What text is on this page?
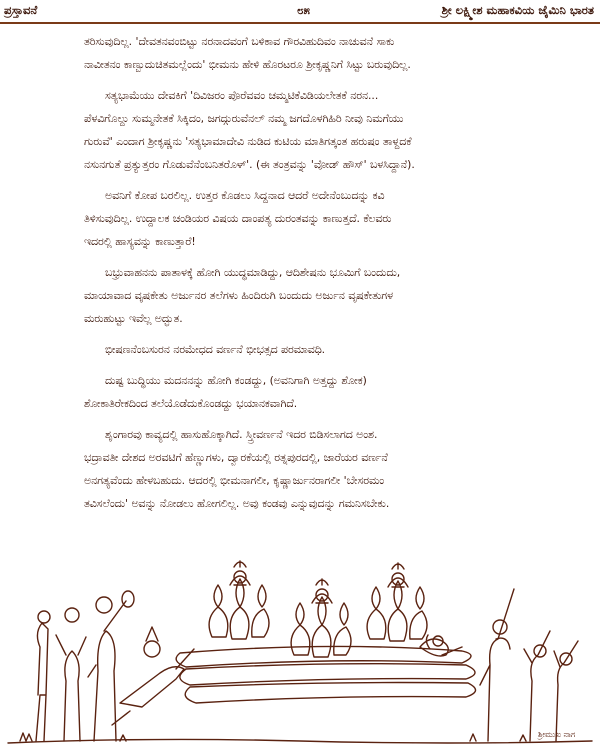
ಪ್ರಸ್ತಾವನೆ	೮೫	ಶ್ರೀ ಲಕ್ಷ್ಮೀಶ ಮಹಾಕವಿಯ ಜೈಮಿನಿ ಭಾರತ
ತರಿಸುವುದಿಲ್ಲ. 'ದೇವತನವಂಬಿಟ್ಟು ನರನಾದವಂಗೆ ಬಳಿಕಾವ ಗೌರವಿಹುದಿವಂ ನಾಚುವನೆ ಸಾಕು
ನಾವೀತನಂ ಕಾಣ್ಬುದುಚಿತಮಲ್ಲೆಂದು' ಭೀಮನು ಹೇಳಿ ಹೊರಟರೂ ಶ್ರೀಕೃಷ್ಣನಿಗೆ ಸಿಟ್ಟು ಬರುವುದಿಲ್ಲ.
ಸತ್ಯಭಾಮೆಯು ದೇವಕಿಗೆ 'ದಿವಿಜರಂ ಪೊರೆವವಂ ಚಮ್ಮಟಿಕೆವಿಡಿಯಲೇತಕೆ ನರನ...
ಪೆಳವಿಗೊಲ್ದು ಸುಮ್ಮನೇತಕೆ ಸಿಕ್ಕಿದಂ, ಜಗದ್ಗುರುವೆನಲ್ ನಮ್ಮ ಜಗದೊಳಗಿಹಿರಿ ನೀವು ನಿಮಗೆಯು
ಗುರುವೆ' ಎಂದಾಗ ಶ್ರೀಕೃಷ್ಣನು 'ಸತ್ಯಭಾಮಾದೇವಿ ನುಡಿದ ಕುಟಿಯ ಮಾತಿಗತ್ಕಂತ ಹರುಷಂ ತಾಳ್ದದಕೆ
ನಸುನಗುತೆ ಪ್ರತ್ಯುತ್ತರಂ ಗೊಡುವೆನೆಂಬನಿತರೊಳ್'. (ಈ ತಂತ್ರವನ್ನು 'ವೋಡ್ ಹೌಸ್' ಬಳಸಿದ್ದಾನೆ).
ಅವನಿಗೆ ಕೋಪ ಬರಲಿಲ್ಲ. ಉತ್ತರ ಕೊಡಲು ಸಿದ್ದನಾದ ಆದರೆ ಅದೇನೆಂಬುದನ್ನು ಕವಿ
ತಿಳಿಸುವುದಿಲ್ಲ. ಉದ್ದಾಲಕ ಚಂಡಿಯರ ವಿಷಯ ದಾಂಪತ್ಯ ದುರಂತವನ್ನು ಕಾಣುತ್ತದೆ. ಕೆಲವರು
ಇದರಲ್ಲಿ ಹಾಸ್ಯವನ್ನು ಕಾಣುತ್ತಾರೆ!
ಬಭ್ರುವಾಹನನು ಪಾತಾಳಕ್ಕೆ ಹೋಗಿ ಯುದ್ಧಮಾಡಿದ್ದು, ಆದಿಶೇಷನು ಭೂಮಿಗೆ ಬಂದುದು,
ಮಾಯಾವಾದ ವೃಷಕೇತು ಅರ್ಜುನರ ತಲೆಗಳು ಹಿಂದಿರುಗಿ ಬಂದುದು ಅರ್ಜುನ ವೃಷಕೇತುಗಳ
ಮರುಹುಟ್ಟು ಇವೆಲ್ಲ ಅದ್ಭುತ.
ಭೀಷಣನೆಂಬಸುರನ ನರಮೇಧದ ವರ್ಣನೆ ಭೀಭತ್ಸದ ಪರಮಾವಧಿ.
ದುಷ್ಟ ಬುದ್ಧಿಯು ಮದನನನ್ನು ಹೋಗಿ ಕಂಡದ್ದು, (ಅವನಿಗಾಗಿ ಅತ್ತದ್ದು ಶೋಕ)
ಶೋಕಾತಿರೇಕದಿಂದ ತಲೆಯೊಡೆದುಕೊಂಡದ್ದು ಭಯಾನಕವಾಗಿದೆ.
ಶೃಂಗಾರವು ಕಾವ್ಯದಲ್ಲಿ ಹಾಸುಹೊಕ್ಕಾಗಿದೆ. ಸ್ತ್ರೀವರ್ಣನೆ ಇದರ ಬಿಡಿಸಲಾಗದ ಅಂಶ.
ಭದ್ರಾವತೀ ದೇಶದ ಅರವಟಿಗೆ ಹೆಣ್ಣುಗಳು, ದ್ವಾರಕೆಯಲ್ಲಿ ರತ್ನಪುರದಲ್ಲಿ, ಜಾರೆಯರ ವರ್ಣನೆ
ಅನಗತ್ಯವೆಂದು ಹೇಳಬಹುದು. ಆದರಲ್ಲಿ ಭೀಮನಾಗಲೀ, ಕೃಷ್ಣಾರ್ಜುನರಾಗಲೀ 'ಬೇಸರಮಂ
ತವಿಸಲೆಂದು' ಅವನ್ನು ನೋಡಲು ಹೋಗಲಿಲ್ಲ. ಅವು ಕಂಡವು ಎನ್ನುವುದನ್ನು ಗಮನಿಸಬೇಕು.
ಶ್ರೀಮುಖ ನಾಗ
